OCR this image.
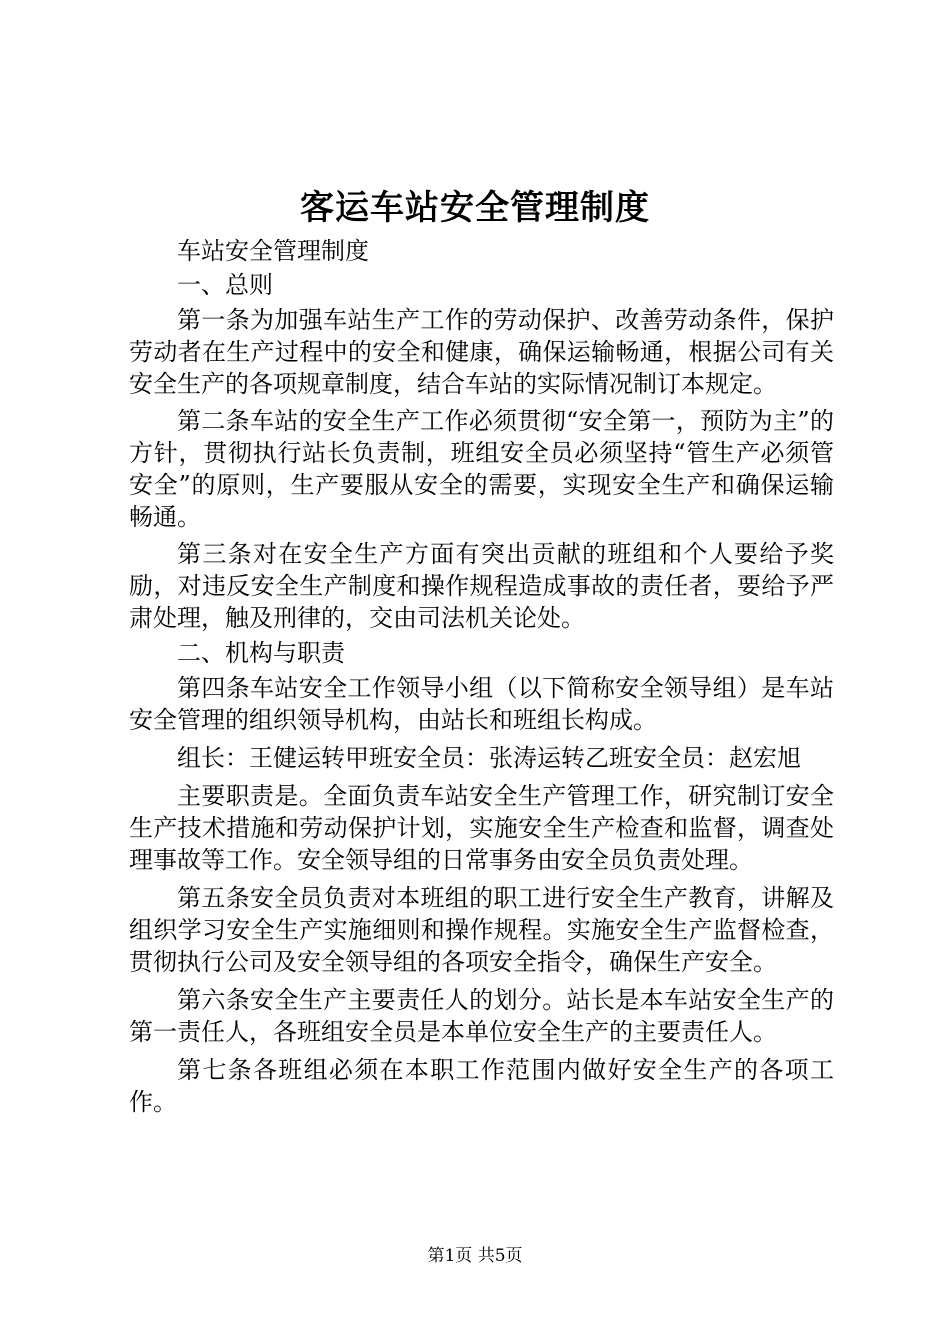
客运车站安全管理制度

车站安全管理制度

一、总则

第一条为加强车站生产工作的劳动保护、改善劳动条件，保护劳动者在生产过程中的安全和健康，确保运输畅通，根据公司有关安全生产的各项规章制度，结合车站的实际情况制订本规定。

第二条车站的安全生产工作必须贯彻“安全第一，预防为主”的方针，贯彻执行站长负责制，班组安全员必须坚持“管生产必须管安全”的原则，生产要服从安全的需要，实现安全生产和确保运输畅通。

第三条对在安全生产方面有突出贡献的班组和个人要给予奖励，对违反安全生产制度和操作规程造成事故的责任者，要给予严肃处理，触及刑律的，交由司法机关论处。

二、机构与职责

第四条车站安全工作领导小组（以下简称安全领导组）是车站安全管理的组织领导机构，由站长和班组长构成。

组长：王健运转甲班安全员：张涛运转乙班安全员：赵宏旭

主要职责是。全面负责车站安全生产管理工作，研究制订安全生产技术措施和劳动保护计划，实施安全生产检查和监督，调查处理事故等工作。安全领导组的日常事务由安全员负责处理。

第五条安全员负责对本班组的职工进行安全生产教育，讲解及组织学习安全生产实施细则和操作规程。实施安全生产监督检查，贯彻执行公司及安全领导组的各项安全指令，确保生产安全。

第六条安全生产主要责任人的划分。站长是本车站安全生产的第一责任人，各班组安全员是本单位安全生产的主要责任人。

第七条各班组必须在本职工作范围内做好安全生产的各项工作。

第1页 共5页
